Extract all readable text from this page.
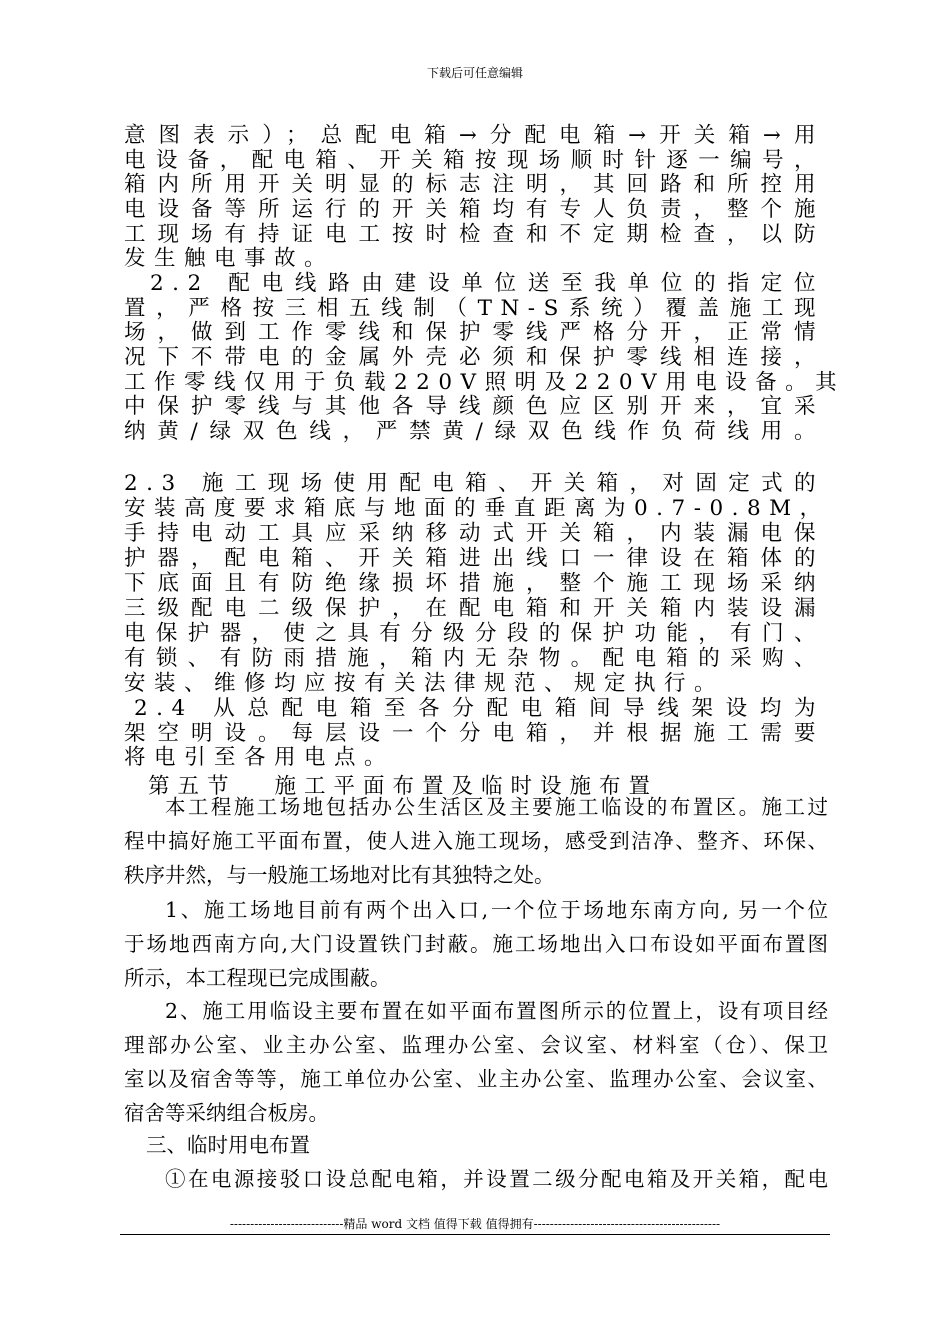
下载后可任意编辑
意图表示）；总配电箱→分配电箱→开关箱→用
电设备，配电箱、开关箱按现场顺时针逐一编号，
箱内所用开关明显的标志注明，其回路和所控用
电设备等所运行的开关箱均有专人负责，整个施
工现场有持证电工按时检查和不定期检查，以防
发生触电事故。
2.2 配电线路由建设单位送至我单位的指定位
置，严格按三相五线制（TN-S系统）覆盖施工现
场，做到工作零线和保护零线严格分开，正常情
况下不带电的金属外壳必须和保护零线相连接，
工作零线仅用于负载220V照明及220V用电设备。其
中保护零线与其他各导线颜色应区别开来，宜采
纳黄/绿双色线，严禁黄/绿双色线作负荷线用。
2.3 施工现场使用配电箱、开关箱，对固定式的
安装高度要求箱底与地面的垂直距离为0.7-0.8M，
手持电动工具应采纳移动式开关箱，内装漏电保
护器，配电箱、开关箱进出线口一律设在箱体的
下底面且有防绝缘损坏措施，整个施工现场采纳
三级配电二级保护，在配电箱和开关箱内装设漏
电保护器，使之具有分级分段的保护功能，有门、
有锁、有防雨措施，箱内无杂物。配电箱的采购、
安装、维修均应按有关法律规范、规定执行。
2.4 从总配电箱至各分配电箱间导线架设均为
架空明设。每层设一个分电箱，并根据施工需要
将电引至各用电点。
第五节 施工平面布置及临时设施布置
本工程施工场地包括办公生活区及主要施工临设的布置区。施工过
程中搞好施工平面布置，使人进入施工现场，感受到洁净、整齐、环保、
秩序井然，与一般施工场地对比有其独特之处。
1、施工场地目前有两个出入口,一个位于场地东南方向, 另一个位
于场地西南方向,大门设置铁门封蔽。施工场地出入口布设如平面布置图
所示，本工程现已完成围蔽。
2、施工用临设主要布置在如平面布置图所示的位置上，设有项目经
理部办公室、业主办公室、监理办公室、会议室、材料室（仓）、保卫
室以及宿舍等等，施工单位办公室、业主办公室、监理办公室、会议室、
宿舍等采纳组合板房。
三、临时用电布置
①在电源接驳口设总配电箱，并设置二级分配电箱及开关箱，配电
----------------------------精品 word 文档 值得下载 值得拥有----------------------------------------------
